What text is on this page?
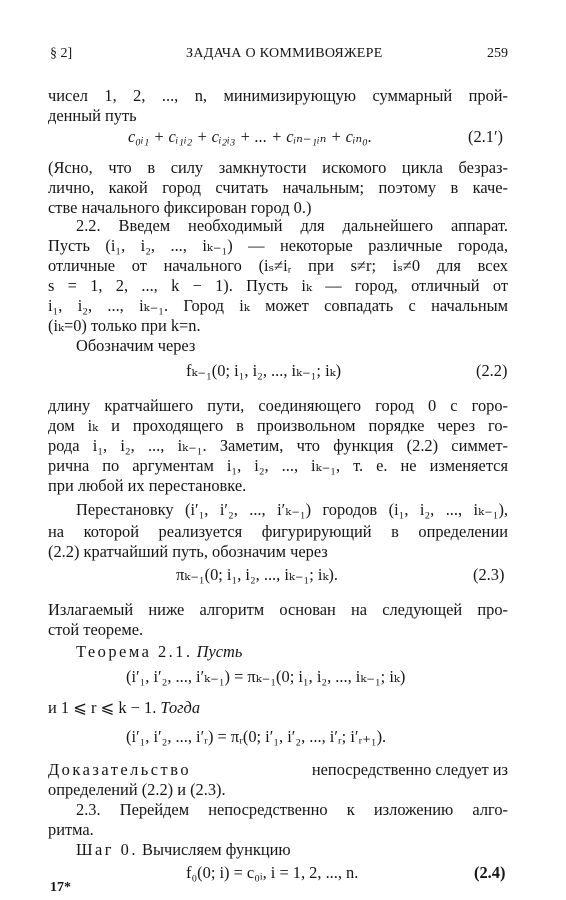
§ 2]	ЗАДАЧА О КОММИВОЯЖЕРЕ	259
чисел 1, 2, ..., n, минимизирующую суммарный прой-
денный путь
c₀ᵢ₁ + cᵢ₁ᵢ₂ + cᵢ₂ᵢ₃ + ... + cᵢₙ₋₁ᵢₙ + cᵢₙ₀.	(2.1′)
(Ясно, что в силу замкнутости искомого цикла безраз-
лично, какой город считать начальным; поэтому в каче-
стве начального фиксирован город 0.)
2.2. Введем необходимый для дальнейшего аппарат.
Пусть (i₁, i₂, ..., iₖ₋₁) — некоторые различные города,
отличные от начального (iₛ≠iᵣ при s≠r; iₛ≠0 для всех
s = 1, 2, ..., k − 1). Пусть iₖ — город, отличный от
i₁, i₂, ..., iₖ₋₁. Город iₖ может совпадать с начальным
(iₖ=0) только при k=n.
Обозначим через
fₖ₋₁(0; i₁, i₂, ..., iₖ₋₁; iₖ)	(2.2)
длину кратчайшего пути, соединяющего город 0 с горо-
дом iₖ и проходящего в произвольном порядке через го-
рода i₁, i₂, ..., iₖ₋₁. Заметим, что функция (2.2) симмет-
рична по аргументам i₁, i₂, ..., iₖ₋₁, т. е. не изменяется
при любой их перестановке.
Перестановку (i′₁, i′₂, ..., i′ₖ₋₁) городов (i₁, i₂, ..., iₖ₋₁),
на которой реализуется фигурирующий в определении
(2.2) кратчайший путь, обозначим через
πₖ₋₁(0; i₁, i₂, ..., iₖ₋₁; iₖ).	(2.3)
Излагаемый ниже алгоритм основан на следующей про-
стой теореме.
Теорема 2.1. Пусть
(i′₁, i′₂, ..., i′ₖ₋₁) = πₖ₋₁(0; i₁, i₂, ..., iₖ₋₁; iₖ)
и 1 ⩽ r ⩽ k − 1. Тогда
(i′₁, i′₂, ..., i′ᵣ) = πᵣ(0; i′₁, i′₂, ..., i′ᵣ; i′ᵣ₊₁).
Доказательство	непосредственно следует из
определений (2.2) и (2.3).
2.3. Перейдем непосредственно к изложению алго-
ритма.
Шаг 0. Вычисляем функцию
f₀(0; i) = c₀ᵢ, i = 1, 2, ..., n.	(2.4)
17*
